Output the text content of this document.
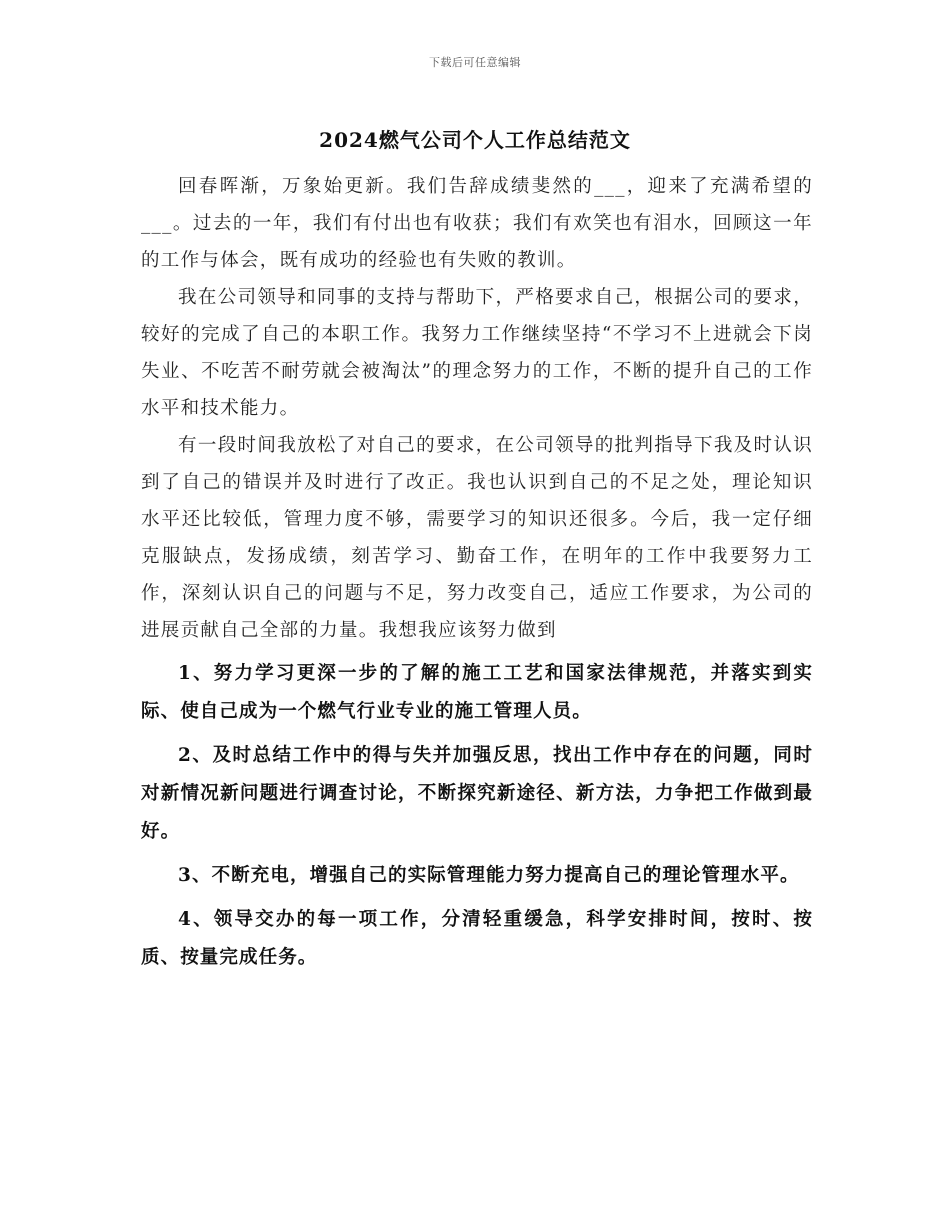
下载后可任意编辑
2024燃气公司个人工作总结范文

回春晖渐，万象始更新。我们告辞成绩斐然的___，迎来了充满希望的___。过去的一年，我们有付出也有收获；我们有欢笑也有泪水，回顾这一年的工作与体会，既有成功的经验也有失败的教训。

我在公司领导和同事的支持与帮助下，严格要求自己，根据公司的要求，较好的完成了自己的本职工作。我努力工作继续坚持“不学习不上进就会下岗失业、不吃苦不耐劳就会被淘汰”的理念努力的工作，不断的提升自己的工作水平和技术能力。

有一段时间我放松了对自己的要求，在公司领导的批判指导下我及时认识到了自己的错误并及时进行了改正。我也认识到自己的不足之处，理论知识水平还比较低，管理力度不够，需要学习的知识还很多。今后，我一定仔细克服缺点，发扬成绩，刻苦学习、勤奋工作，在明年的工作中我要努力工作，深刻认识自己的问题与不足，努力改变自己，适应工作要求，为公司的进展贡献自己全部的力量。我想我应该努力做到

1、努力学习更深一步的了解的施工工艺和国家法律规范，并落实到实际、使自己成为一个燃气行业专业的施工管理人员。

2、及时总结工作中的得与失并加强反思，找出工作中存在的问题，同时对新情况新问题进行调查讨论，不断探究新途径、新方法，力争把工作做到最好。

3、不断充电，增强自己的实际管理能力努力提高自己的理论管理水平。

4、领导交办的每一项工作，分清轻重缓急，科学安排时间，按时、按质、按量完成任务。
